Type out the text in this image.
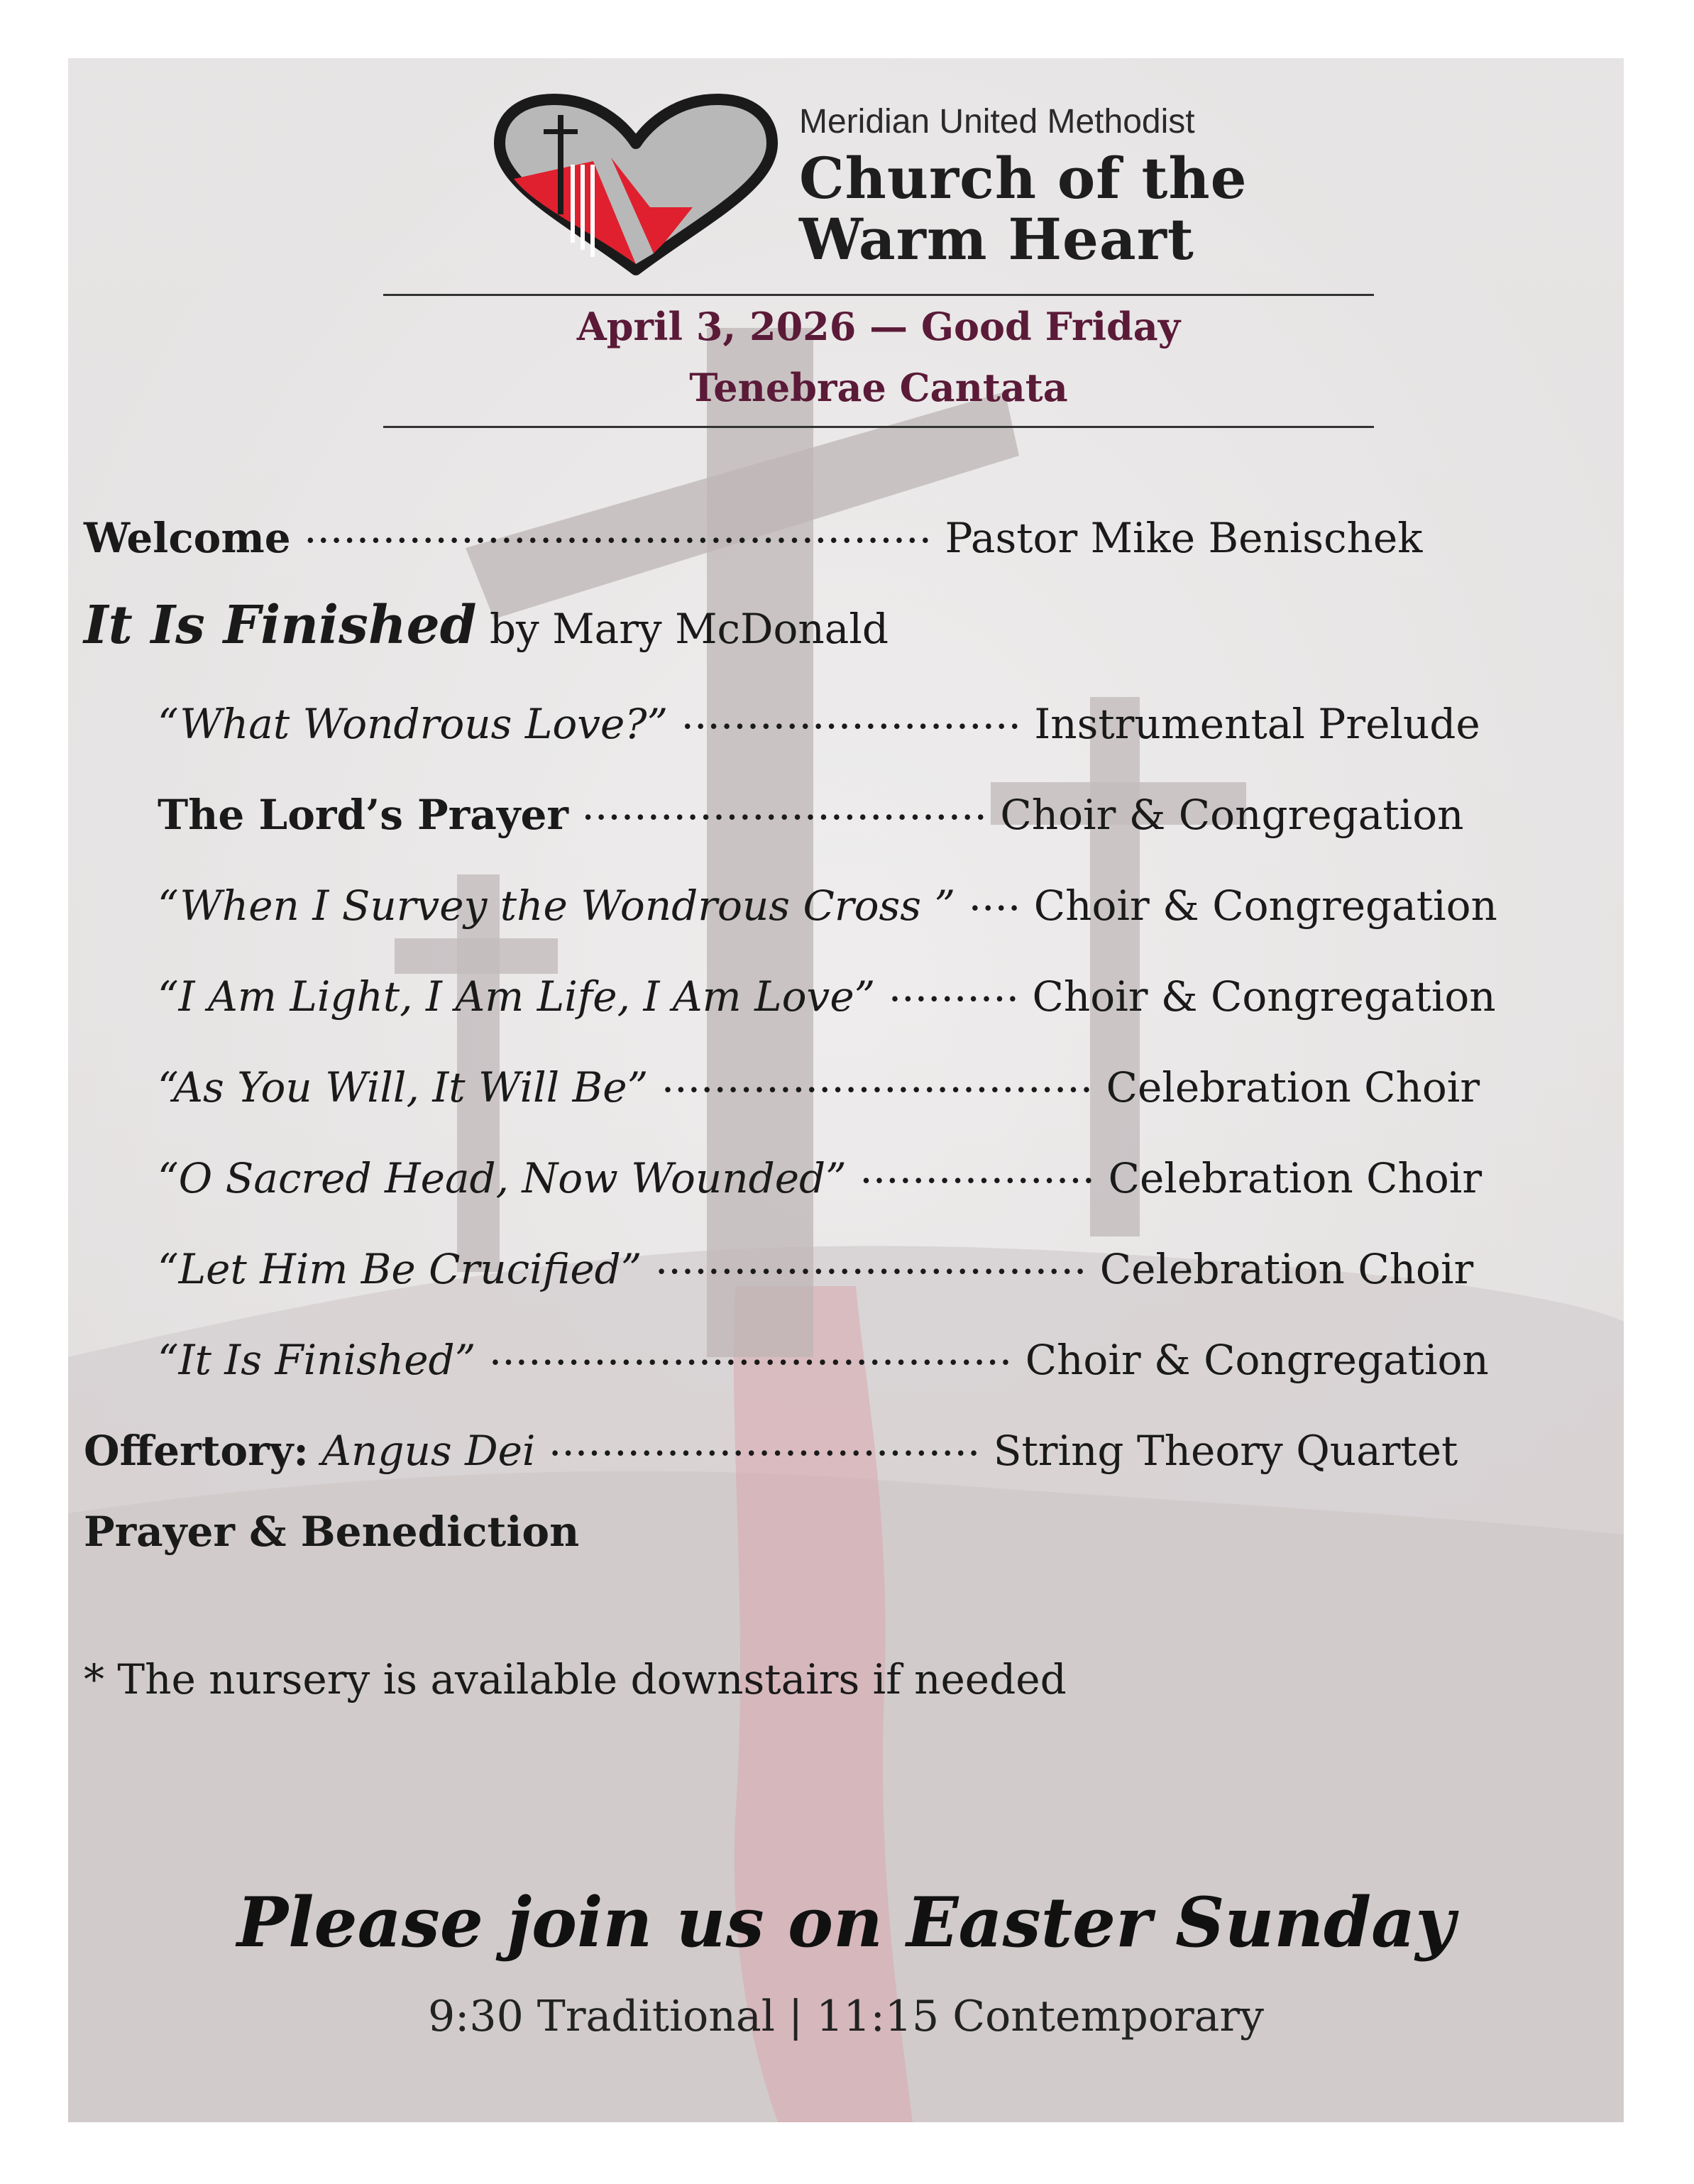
Meridian United Methodist
Church of the
Warm Heart
April 3, 2026 — Good Friday
Tenebrae Cantata
Welcome ................................................ Pastor Mike Benischek
It Is Finished by Mary McDonald
“What Wondrous Love?” .......................... Instrumental Prelude
The Lord’s Prayer ............................... Choir & Congregation
“When I Survey the Wondrous Cross ” .... Choir & Congregation
“I Am Light, I Am Life, I Am Love” .......... Choir & Congregation
“As You Will, It Will Be” ................................. Celebration Choir
“O Sacred Head, Now Wounded” .................. Celebration Choir
“Let Him Be Crucified” ................................. Celebration Choir
“It Is Finished” ........................................ Choir & Congregation
Offertory: Angus Dei ................................. String Theory Quartet
Prayer & Benediction
* The nursery is available downstairs if needed
Please join us on Easter Sunday
9:30 Traditional | 11:15 Contemporary
